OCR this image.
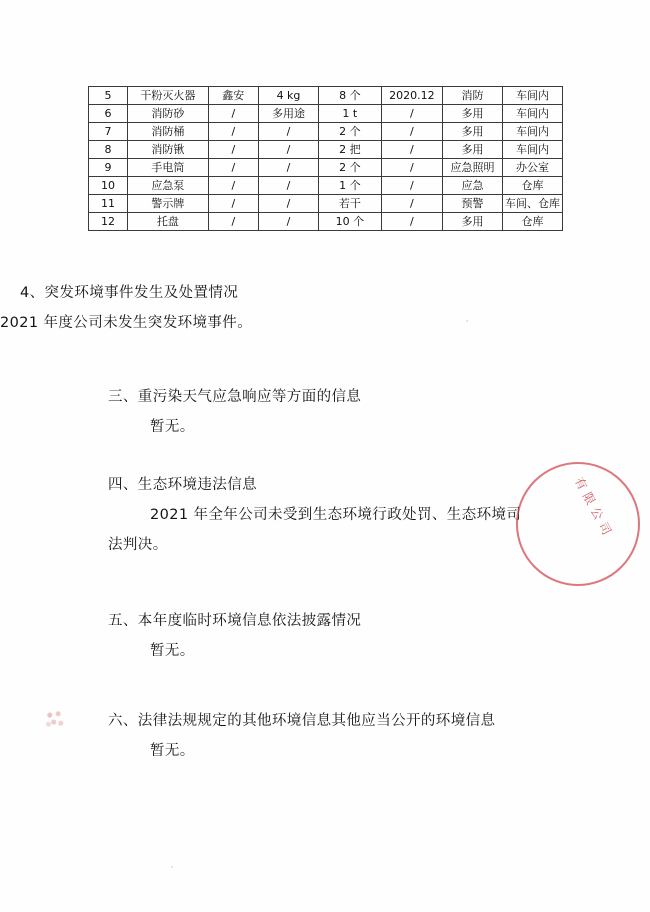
5	干粉灭火器	鑫安	4 kg	8 个	2020.12	消防	车间内
6	消防砂	/	多用途	1 t	/	多用	车间内
7	消防桶	/	/	2 个	/	多用	车间内
8	消防锹	/	/	2 把	/	多用	车间内
9	手电筒	/	/	2 个	/	应急照明	办公室
10	应急泵	/	/	1 个	/	应急	仓库
11	警示牌	/	/	若干	/	预警	车间、仓库
12	托盘	/	/	10 个	/	多用	仓库
4、突发环境事件发生及处置情况
2021 年度公司未发生突发环境事件。
三、重污染天气应急响应等方面的信息
暂无。
四、生态环境违法信息
2021 年全年公司未受到生态环境行政处罚、生态环境司
法判决。
五、本年度临时环境信息依法披露情况
暂无。
六、法律法规规定的其他环境信息其他应当公开的环境信息
暂无。
有限公司
